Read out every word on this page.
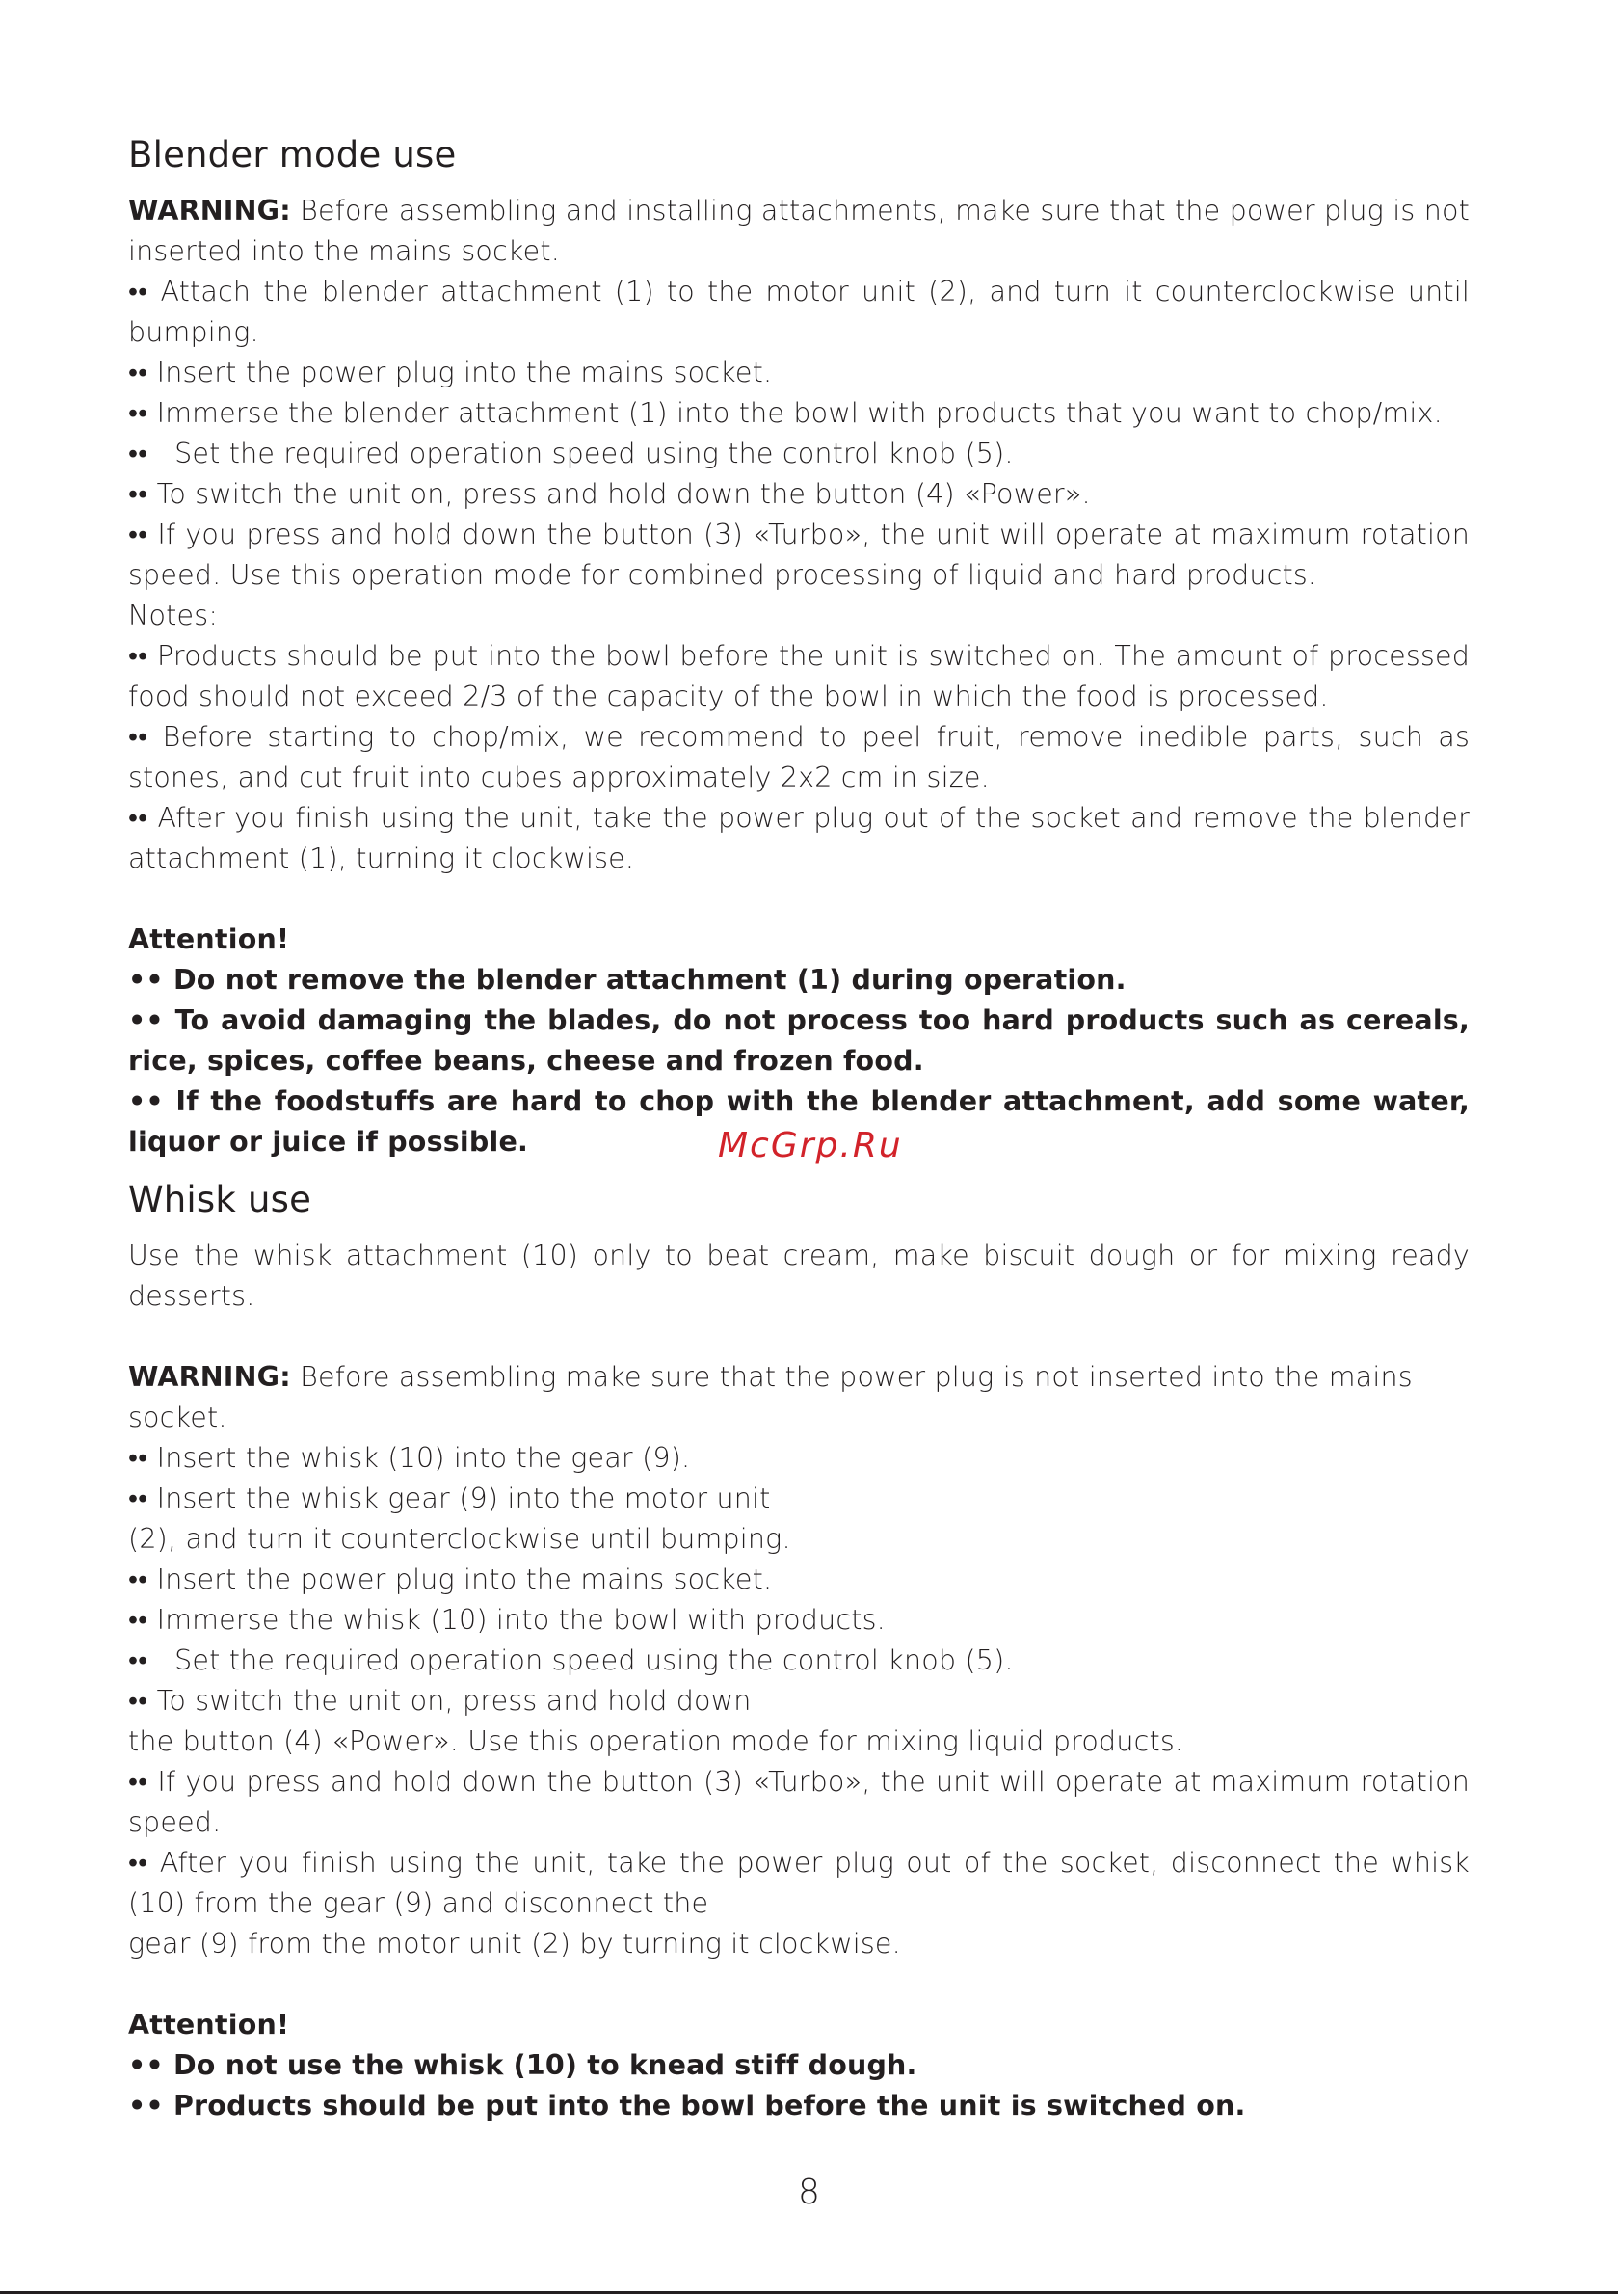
Blender mode use

WARNING: Before assembling and installing attachments, make sure that the power plug is not inserted into the mains socket.

•• Attach the blender attachment (1) to the motor unit (2), and turn it counterclockwise until bumping.

•• Insert the power plug into the mains socket.

•• Immerse the blender attachment (1) into the bowl with products that you want to chop/mix.

••   Set the required operation speed using the control knob (5).

•• To switch the unit on, press and hold down the button (4) «Power».

•• If you press and hold down the button (3) «Turbo», the unit will operate at maximum rotation speed. Use this operation mode for combined processing of liquid and hard products.

Notes:

•• Products should be put into the bowl before the unit is switched on. The amount of processed food should not exceed 2/3 of the capacity of the bowl in which the food is processed.

•• Before starting to chop/mix, we recommend to peel fruit, remove inedible parts, such as stones, and cut fruit into cubes approximately 2x2 cm in size.

•• After you finish using the unit, take the power plug out of the socket and remove the blender attachment (1), turning it clockwise.

Attention!

•• Do not remove the blender attachment (1) during operation.

•• To avoid damaging the blades, do not process too hard products such as cereals, rice, spices, coffee beans, cheese and frozen food.

•• If the foodstuffs are hard to chop with the blender attachment, add some water, liquor or juice if possible.

Whisk use

Use the whisk attachment (10) only to beat cream, make biscuit dough or for mixing ready desserts.

WARNING: Before assembling make sure that the power plug is not inserted into the mains socket.

•• Insert the whisk (10) into the gear (9).

•• Insert the whisk gear (9) into the motor unit

(2), and turn it counterclockwise until bumping.

•• Insert the power plug into the mains socket.

•• Immerse the whisk (10) into the bowl with products.

••   Set the required operation speed using the control knob (5).

•• To switch the unit on, press and hold down

the button (4) «Power». Use this operation mode for mixing liquid products.

•• If you press and hold down the button (3) «Turbo», the unit will operate at maximum rotation speed.

•• After you finish using the unit, take the power plug out of the socket, disconnect the whisk (10) from the gear (9) and disconnect the

gear (9) from the motor unit (2) by turning it clockwise.

Attention!

•• Do not use the whisk (10) to knead stiff dough.

•• Products should be put into the bowl before the unit is switched on.

McGrp.Ru
8
